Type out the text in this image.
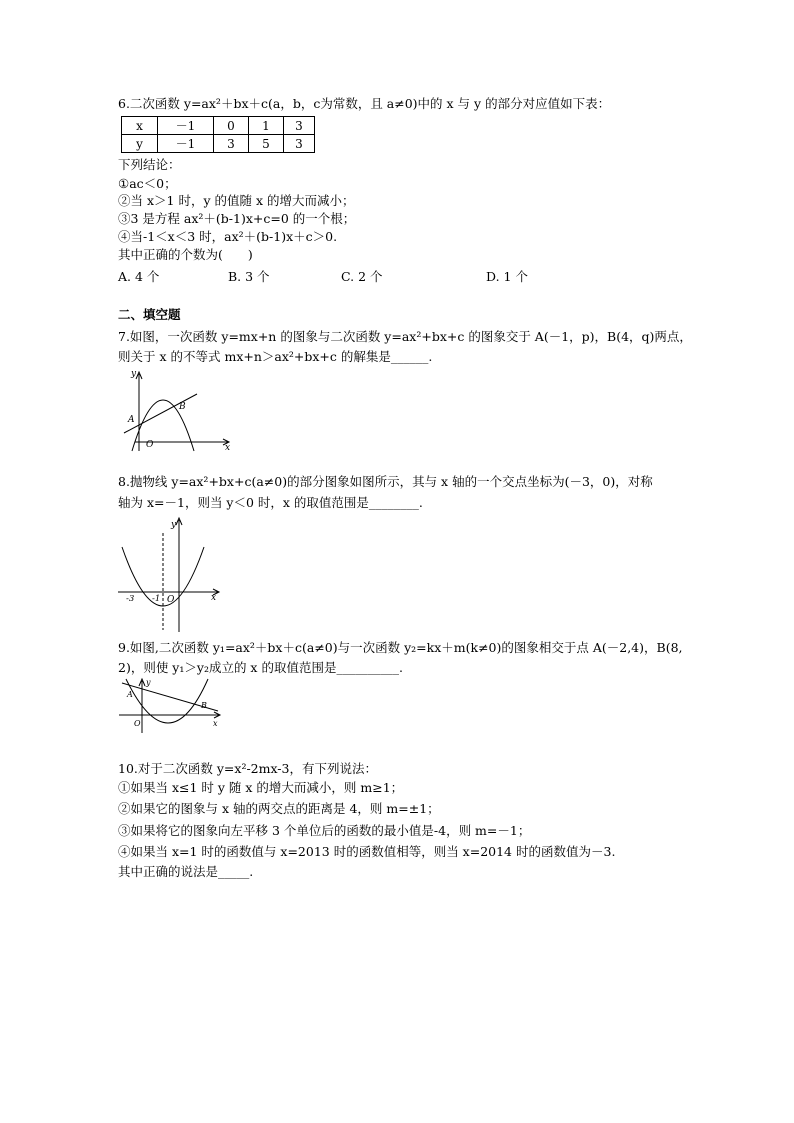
6.二次函数 y=ax²＋bx＋c(a，b，c为常数，且 a≠0)中的 x 与 y 的部分对应值如下表：
x	－1	0	1	3
y	－1	3	5	3
下列结论：
①ac＜0；
②当 x＞1 时，y 的值随 x 的增大而减小；
③3 是方程 ax²＋(b-1)x+c=0 的一个根；
④当-1＜x＜3 时，ax²＋(b-1)x＋c＞0.
其中正确的个数为(　　)
A. 4 个	B. 3 个	C. 2 个	D. 1 个
二、填空题
7.如图，一次函数 y=mx+n 的图象与二次函数 y=ax²+bx+c 的图象交于 A(－1，p)，B(4，q)两点，
则关于 x 的不等式 mx+n＞ax²+bx+c 的解集是______.
y
x
O
A
B
8.抛物线 y=ax²+bx+c(a≠0)的部分图象如图所示，其与 x 轴的一个交点坐标为(－3，0)，对称
轴为 x=－1，则当 y＜0 时，x 的取值范围是________.
y
x
O
-3 -1
9.如图,二次函数 y₁=ax²＋bx＋c(a≠0)与一次函数 y₂=kx＋m(k≠0)的图象相交于点 A(－2,4)，B(8,
2)，则使 y₁＞y₂成立的 x 的取值范围是__________.
y
x
O
A
B
10.对于二次函数 y=x²-2mx-3，有下列说法：
①如果当 x≤1 时 y 随 x 的增大而减小，则 m≥1；
②如果它的图象与 x 轴的两交点的距离是 4，则 m=±1；
③如果将它的图象向左平移 3 个单位后的函数的最小值是-4，则 m=－1；
④如果当 x=1 时的函数值与 x=2013 时的函数值相等，则当 x=2014 时的函数值为－3.
其中正确的说法是_____.
